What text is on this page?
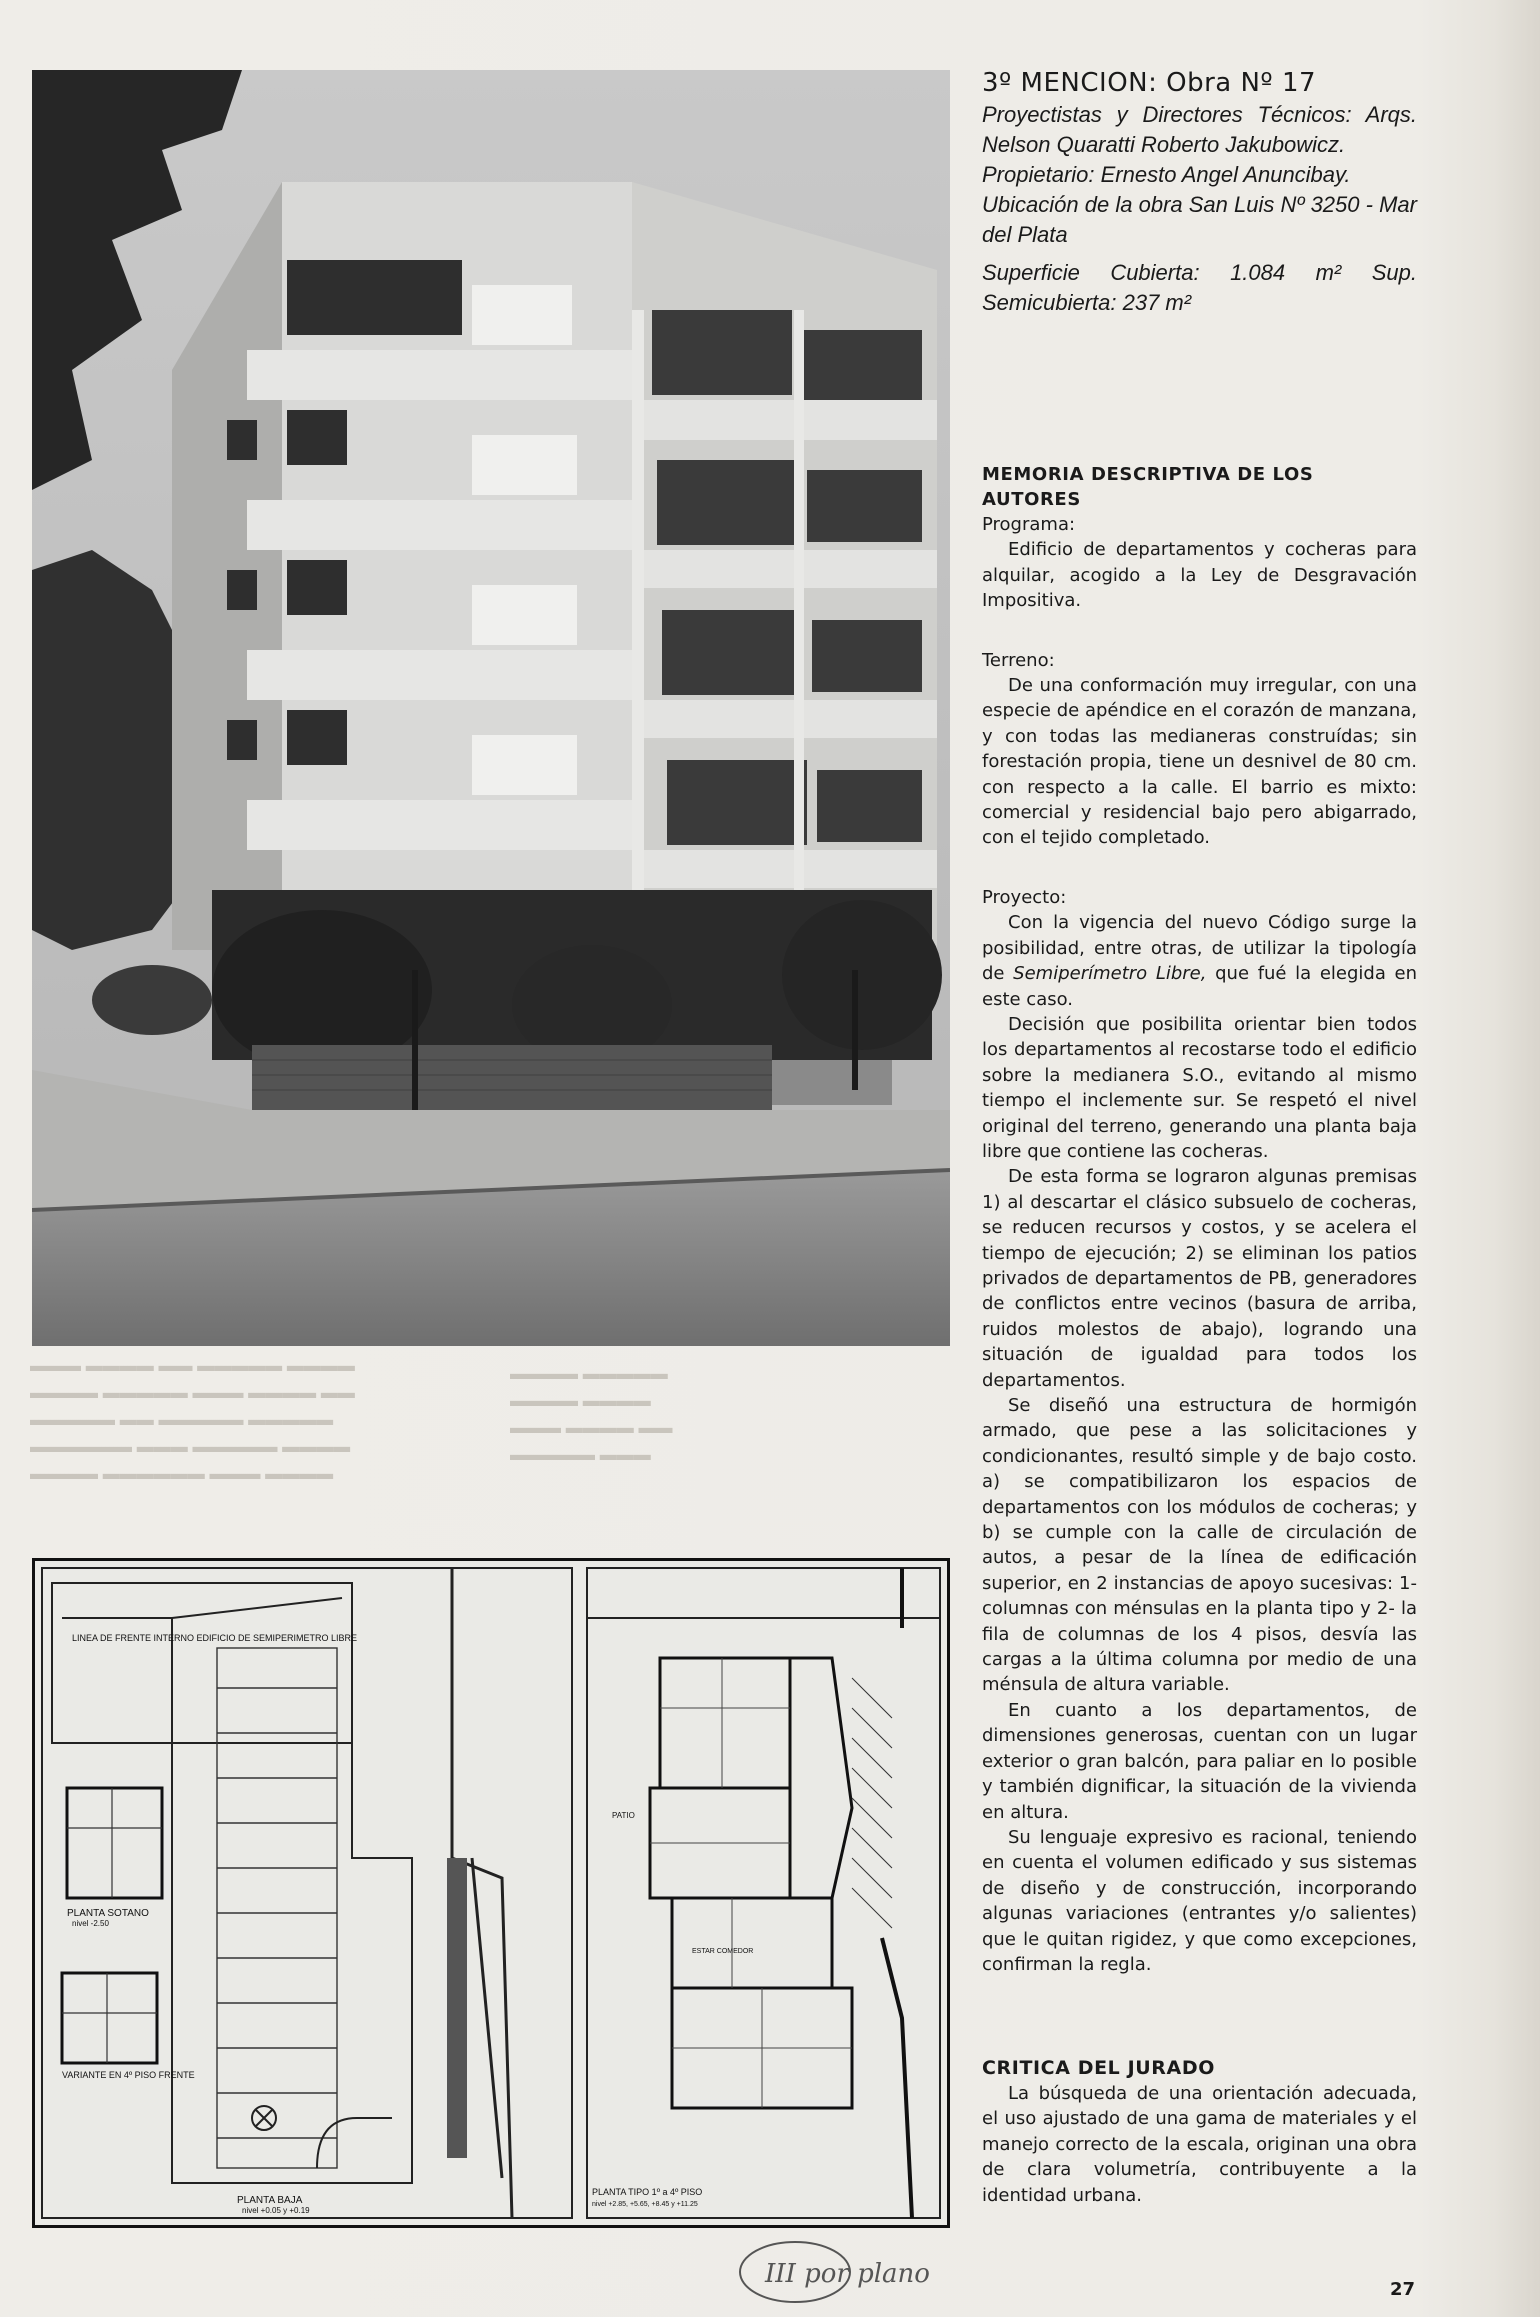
▬▬▬ ▬▬▬▬ ▬▬ ▬▬▬▬▬ ▬▬▬▬
▬▬▬▬ ▬▬▬▬▬ ▬▬▬ ▬▬▬▬ ▬▬
▬▬▬▬▬ ▬▬ ▬▬▬▬▬ ▬▬▬▬▬
▬▬▬▬▬▬ ▬▬▬ ▬▬▬▬▬ ▬▬▬▬
▬▬▬▬ ▬▬▬▬▬▬ ▬▬▬ ▬▬▬▬
▬▬▬▬ ▬▬▬▬▬
▬▬▬▬ ▬▬▬▬
▬▬▬ ▬▬▬▬ ▬▬
▬▬▬▬▬ ▬▬▬
LINEA DE FRENTE INTERNO EDIFICIO DE SEMIPERIMETRO LIBRE
PLANTA SOTANO
nivel -2.50
VARIANTE EN 4º PISO FRENTE
PLANTA BAJA
nivel +0.05 y +0.19
PLANTA TIPO 1º a 4º PISO
nivel +2.85, +5.65, +8.45 y +11.25
PATIO
ESTAR COMEDOR
3º MENCION: Obra Nº 17

Proyectistas y Directores Técnicos: Arqs. Nelson Quaratti Roberto Jakubowicz.

Propietario: Ernesto Angel Anuncibay.

Ubicación de la obra San Luis Nº 3250 - Mar del Plata

Superficie Cubierta: 1.084 m² Sup. Semicubierta: 237 m²

MEMORIA DESCRIPTIVA DE LOS AUTORES
Programa:

Edificio de departamentos y cocheras para alquilar, acogido a la Ley de Desgravación Impositiva.

Terreno:

De una conformación muy irregular, con una especie de apéndice en el corazón de manzana, y con todas las medianeras construídas; sin forestación propia, tiene un desnivel de 80 cm. con respecto a la calle. El barrio es mixto: comercial y residencial bajo pero abigarrado, con el tejido completado.

Proyecto:

Con la vigencia del nuevo Código surge la posibilidad, entre otras, de utilizar la tipología de Semiperímetro Libre, que fué la elegida en este caso.

Decisión que posibilita orientar bien todos los departamentos al recostarse todo el edificio sobre la medianera S.O., evitando al mismo tiempo el inclemente sur. Se respetó el nivel original del terreno, generando una planta baja libre que contiene las cocheras.

De esta forma se lograron algunas premisas 1) al descartar el clásico subsuelo de cocheras, se reducen recursos y costos, y se acelera el tiempo de ejecución; 2) se eliminan los patios privados de departamentos de PB, generadores de conflictos entre vecinos (basura de arriba, ruidos molestos de abajo), logrando una situación de igualdad para todos los departamentos.

Se diseñó una estructura de hormigón armado, que pese a las solicitaciones y condicionantes, resultó simple y de bajo costo. a) se compatibilizaron los espacios de departamentos con los módulos de cocheras; y b) se cumple con la calle de circulación de autos, a pesar de la línea de edificación superior, en 2 instancias de apoyo sucesivas: 1- columnas con ménsulas en la planta tipo y 2- la fila de columnas de los 4 pisos, desvía las cargas a la última columna por medio de una ménsula de altura variable.

En cuanto a los departamentos, de dimensiones generosas, cuentan con un lugar exterior o gran balcón, para paliar en lo posible y también dignificar, la situación de la vivienda en altura.

Su lenguaje expresivo es racional, teniendo en cuenta el volumen edificado y sus sistemas de diseño y de construcción, incorporando algunas variaciones (entrantes y/o salientes) que le quitan rigidez, y que como excepciones, confirman la regla.

CRITICA DEL JURADO

La búsqueda de una orientación adecuada, el uso ajustado de una gama de materiales y el manejo correcto de la escala, originan una obra de clara volumetría, contribuyente a la identidad urbana.

III por plano
27
